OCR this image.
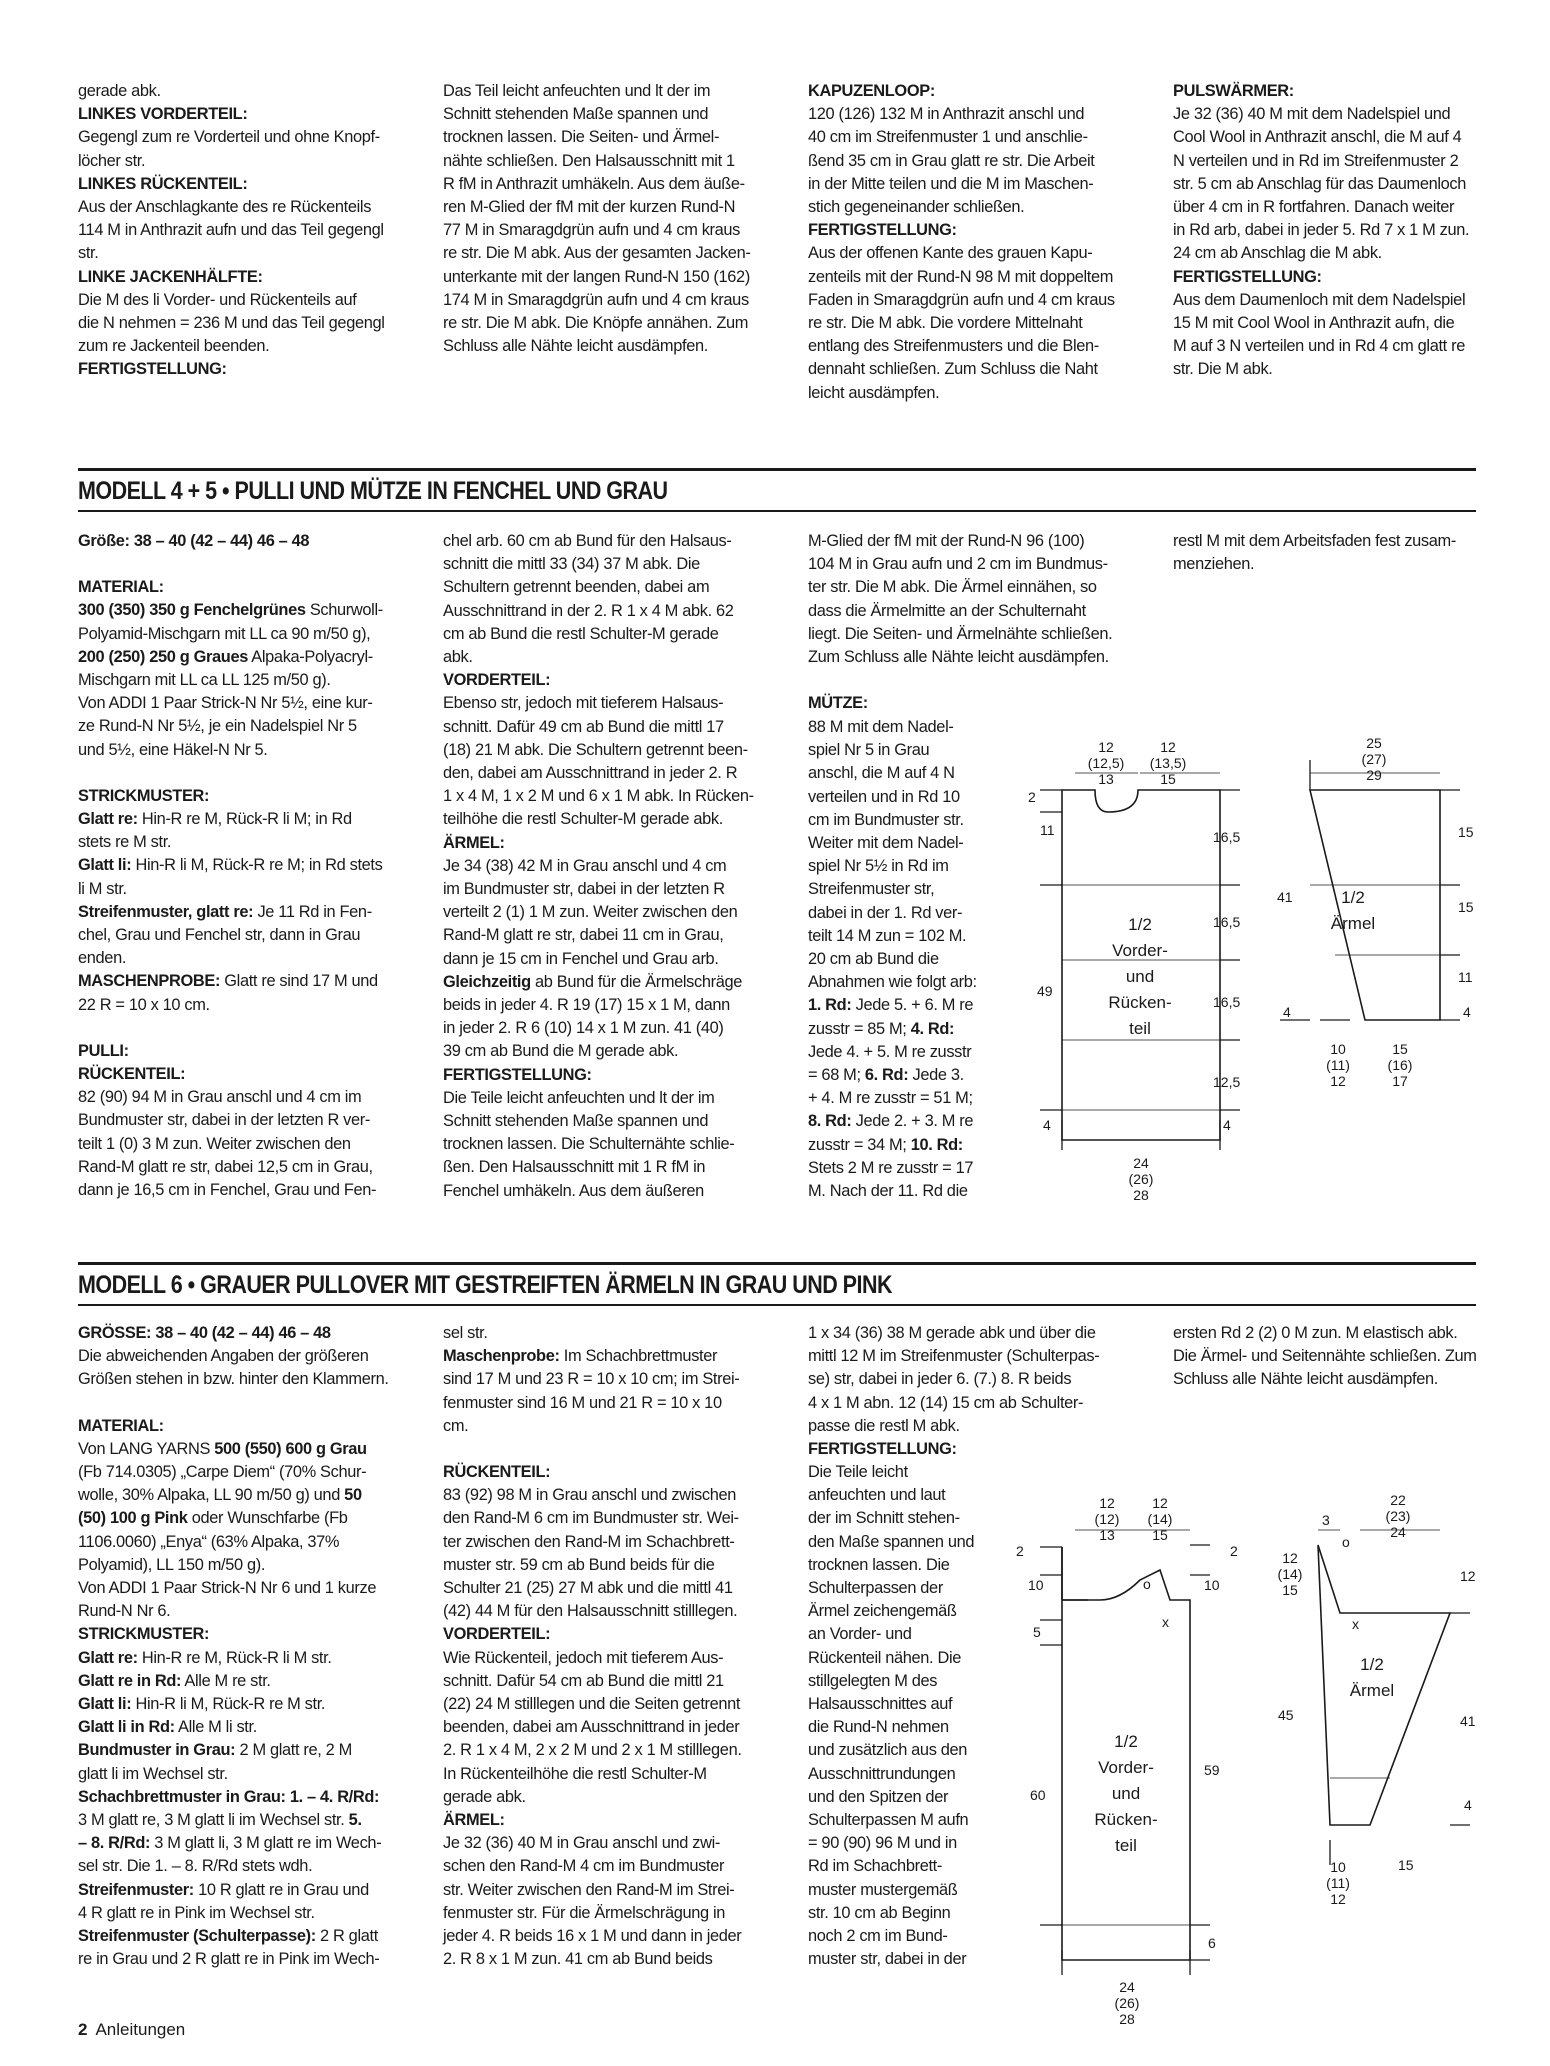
gerade abk.

LINKES VORDERTEIL:

Gegengl zum re Vorderteil und ohne Knopf-

löcher str.

LINKES RÜCKENTEIL:

Aus der Anschlagkante des re Rückenteils

114 M in Anthrazit aufn und das Teil gegengl

str.

LINKE JACKENHÄLFTE:

Die M des li Vorder- und Rückenteils auf

die N nehmen = 236 M und das Teil gegengl

zum re Jackenteil beenden.

FERTIGSTELLUNG:

Das Teil leicht anfeuchten und lt der im

Schnitt stehenden Maße spannen und

trocknen lassen. Die Seiten- und Ärmel-

nähte schließen. Den Halsausschnitt mit 1

R fM in Anthrazit umhäkeln. Aus dem äuße-

ren M-Glied der fM mit der kurzen Rund-N

77 M in Smaragdgrün aufn und 4 cm kraus

re str. Die M abk. Aus der gesamten Jacken-

unterkante mit der langen Rund-N 150 (162)

174 M in Smaragdgrün aufn und 4 cm kraus

re str. Die M abk. Die Knöpfe annähen. Zum

Schluss alle Nähte leicht ausdämpfen.

KAPUZENLOOP:

120 (126) 132 M in Anthrazit anschl und

40 cm im Streifenmuster 1 und anschlie-

ßend 35 cm in Grau glatt re str. Die Arbeit

in der Mitte teilen und die M im Maschen-

stich gegeneinander schließen.

FERTIGSTELLUNG:

Aus der offenen Kante des grauen Kapu-

zenteils mit der Rund-N 98 M mit doppeltem

Faden in Smaragdgrün aufn und 4 cm kraus

re str. Die M abk. Die vordere Mittelnaht

entlang des Streifenmusters und die Blen-

dennaht schließen. Zum Schluss die Naht

leicht ausdämpfen.

PULSWÄRMER:

Je 32 (36) 40 M mit dem Nadelspiel und

Cool Wool in Anthrazit anschl, die M auf 4

N verteilen und in Rd im Streifenmuster 2

str. 5 cm ab Anschlag für das Daumenloch

über 4 cm in R fortfahren. Danach weiter

in Rd arb, dabei in jeder 5. Rd 7 x 1 M zun.

24 cm ab Anschlag die M abk.

FERTIGSTELLUNG:

Aus dem Daumenloch mit dem Nadelspiel

15 M mit Cool Wool in Anthrazit aufn, die

M auf 3 N verteilen und in Rd 4 cm glatt re

str. Die M abk.

MODELL 4 + 5 • PULLI UND MÜTZE IN FENCHEL UND GRAU

Größe: 38 – 40 (42 – 44) 46 – 48

MATERIAL:

300 (350) 350 g Fenchelgrünes Schurwoll-

Polyamid-Mischgarn mit LL ca 90 m/50 g),

200 (250) 250 g Graues Alpaka-Polyacryl-

Mischgarn mit LL ca LL 125 m/50 g).

Von ADDI 1 Paar Strick-N Nr 5½, eine kur-

ze Rund-N Nr 5½, je ein Nadelspiel Nr 5

und 5½, eine Häkel-N Nr 5.

STRICKMUSTER:

Glatt re: Hin-R re M, Rück-R li M; in Rd

stets re M str.

Glatt li: Hin-R li M, Rück-R re M; in Rd stets

li M str.

Streifenmuster, glatt re: Je 11 Rd in Fen-

chel, Grau und Fenchel str, dann in Grau

enden.

MASCHENPROBE: Glatt re sind 17 M und

22 R = 10 x 10 cm.

PULLI:

RÜCKENTEIL:

82 (90) 94 M in Grau anschl und 4 cm im

Bundmuster str, dabei in der letzten R ver-

teilt 1 (0) 3 M zun. Weiter zwischen den

Rand-M glatt re str, dabei 12,5 cm in Grau,

dann je 16,5 cm in Fenchel, Grau und Fen-

chel arb. 60 cm ab Bund für den Halsaus-

schnitt die mittl 33 (34) 37 M abk. Die

Schultern getrennt beenden, dabei am

Ausschnittrand in der 2. R 1 x 4 M abk. 62

cm ab Bund die restl Schulter-M gerade

abk.

VORDERTEIL:

Ebenso str, jedoch mit tieferem Halsaus-

schnitt. Dafür 49 cm ab Bund die mittl 17

(18) 21 M abk. Die Schultern getrennt been-

den, dabei am Ausschnittrand in jeder 2. R

1 x 4 M, 1 x 2 M und 6 x 1 M abk. In Rücken-

teilhöhe die restl Schulter-M gerade abk.

ÄRMEL:

Je 34 (38) 42 M in Grau anschl und 4 cm

im Bundmuster str, dabei in der letzten R

verteilt 2 (1) 1 M zun. Weiter zwischen den

Rand-M glatt re str, dabei 11 cm in Grau,

dann je 15 cm in Fenchel und Grau arb.

Gleichzeitig ab Bund für die Ärmelschräge

beids in jeder 4. R 19 (17) 15 x 1 M, dann

in jeder 2. R 6 (10) 14 x 1 M zun. 41 (40)

39 cm ab Bund die M gerade abk.

FERTIGSTELLUNG:

Die Teile leicht anfeuchten und lt der im

Schnitt stehenden Maße spannen und

trocknen lassen. Die Schulternähte schlie-

ßen. Den Halsausschnitt mit 1 R fM in

Fenchel umhäkeln. Aus dem äußeren

M-Glied der fM mit der Rund-N 96 (100)

104 M in Grau aufn und 2 cm im Bundmus-

ter str. Die M abk. Die Ärmel einnähen, so

dass die Ärmelmitte an der Schulternaht

liegt. Die Seiten- und Ärmelnähte schließen.

Zum Schluss alle Nähte leicht ausdämpfen.

MÜTZE:

88 M mit dem Nadel-

spiel Nr 5 in Grau

anschl, die M auf 4 N

verteilen und in Rd 10

cm im Bundmuster str.

Weiter mit dem Nadel-

spiel Nr 5½ in Rd im

Streifenmuster str,

dabei in der 1. Rd ver-

teilt 14 M zun = 102 M.

20 cm ab Bund die

Abnahmen wie folgt arb:

1. Rd: Jede 5. + 6. M re

zusstr = 85 M; 4. Rd:

Jede 4. + 5. M re zusstr

= 68 M; 6. Rd: Jede 3.

+ 4. M re zusstr = 51 M;

8. Rd: Jede 2. + 3. M re

zusstr = 34 M; 10. Rd:

Stets 2 M re zusstr = 17

M. Nach der 11. Rd die

restl M mit dem Arbeitsfaden fest zusam-

menziehen.

12
(12,5)
13
12
(13,5)
15
2
11
49
4
16,5
16,5
16,5
12,5
4
1/2
Vorder-
und
Rücken-
teil
24
(26)
28
25
(27)
29
41
4
1/2
Ärmel
15
15
11
4
10
(11)
12
15
(16)
17
MODELL 6 • GRAUER PULLOVER MIT GESTREIFTEN ÄRMELN IN GRAU UND PINK

GRÖSSE: 38 – 40 (42 – 44) 46 – 48

Die abweichenden Angaben der größeren

Größen stehen in bzw. hinter den Klammern.

MATERIAL:

Von LANG YARNS 500 (550) 600 g Grau

(Fb 714.0305) „Carpe Diem“ (70% Schur-

wolle, 30% Alpaka, LL 90 m/50 g) und 50

(50) 100 g Pink oder Wunschfarbe (Fb

1106.0060) „Enya“ (63% Alpaka, 37%

Polyamid), LL 150 m/50 g).

Von ADDI 1 Paar Strick-N Nr 6 und 1 kurze

Rund-N Nr 6.

STRICKMUSTER:

Glatt re: Hin-R re M, Rück-R li M str.

Glatt re in Rd: Alle M re str.

Glatt li: Hin-R li M, Rück-R re M str.

Glatt li in Rd: Alle M li str.

Bundmuster in Grau: 2 M glatt re, 2 M

glatt li im Wechsel str.

Schachbrettmuster in Grau: 1. – 4. R/Rd:

3 M glatt re, 3 M glatt li im Wechsel str. 5.

– 8. R/Rd: 3 M glatt li, 3 M glatt re im Wech-

sel str. Die 1. – 8. R/Rd stets wdh.

Streifenmuster: 10 R glatt re in Grau und

4 R glatt re in Pink im Wechsel str.

Streifenmuster (Schulterpasse): 2 R glatt

re in Grau und 2 R glatt re in Pink im Wech-

sel str.

Maschenprobe: Im Schachbrettmuster

sind 17 M und 23 R = 10 x 10 cm; im Strei-

fenmuster sind 16 M und 21 R = 10 x 10

cm.

RÜCKENTEIL:

83 (92) 98 M in Grau anschl und zwischen

den Rand-M 6 cm im Bundmuster str. Wei-

ter zwischen den Rand-M im Schachbrett-

muster str. 59 cm ab Bund beids für die

Schulter 21 (25) 27 M abk und die mittl 41

(42) 44 M für den Halsausschnitt stilllegen.

VORDERTEIL:

Wie Rückenteil, jedoch mit tieferem Aus-

schnitt. Dafür 54 cm ab Bund die mittl 21

(22) 24 M stilllegen und die Seiten getrennt

beenden, dabei am Ausschnittrand in jeder

2. R 1 x 4 M, 2 x 2 M und 2 x 1 M stilllegen.

In Rückenteilhöhe die restl Schulter-M

gerade abk.

ÄRMEL:

Je 32 (36) 40 M in Grau anschl und zwi-

schen den Rand-M 4 cm im Bundmuster

str. Weiter zwischen den Rand-M im Strei-

fenmuster str. Für die Ärmelschrägung in

jeder 4. R beids 16 x 1 M und dann in jeder

2. R 8 x 1 M zun. 41 cm ab Bund beids

1 x 34 (36) 38 M gerade abk und über die

mittl 12 M im Streifenmuster (Schulterpas-

se) str, dabei in jeder 6. (7.) 8. R beids

4 x 1 M abn. 12 (14) 15 cm ab Schulter-

passe die restl M abk.

FERTIGSTELLUNG:

Die Teile leicht

anfeuchten und laut

der im Schnitt stehen-

den Maße spannen und

trocknen lassen. Die

Schulterpassen der

Ärmel zeichengemäß

an Vorder- und

Rückenteil nähen. Die

stillgelegten M des

Halsausschnittes auf

die Rund-N nehmen

und zusätzlich aus den

Ausschnittrundungen

und den Spitzen der

Schulterpassen M aufn

= 90 (90) 96 M und in

Rd im Schachbrett-

muster mustergemäß

str. 10 cm ab Beginn

noch 2 cm im Bund-

muster str, dabei in der

ersten Rd 2 (2) 0 M zun. M elastisch abk.

Die Ärmel- und Seitennähte schließen. Zum

Schluss alle Nähte leicht ausdämpfen.

12
(12)
13
12
(14)
15
2	2
10	10
5
60
59
6
o
x
1/2
Vorder-
und
Rücken-
teil
24
(26)
28
3
o
x
22
(23)
24
12
(14)
15
12
45	41
4
15
1/2
Ärmel
10
(11)
12
2 Anleitungen
